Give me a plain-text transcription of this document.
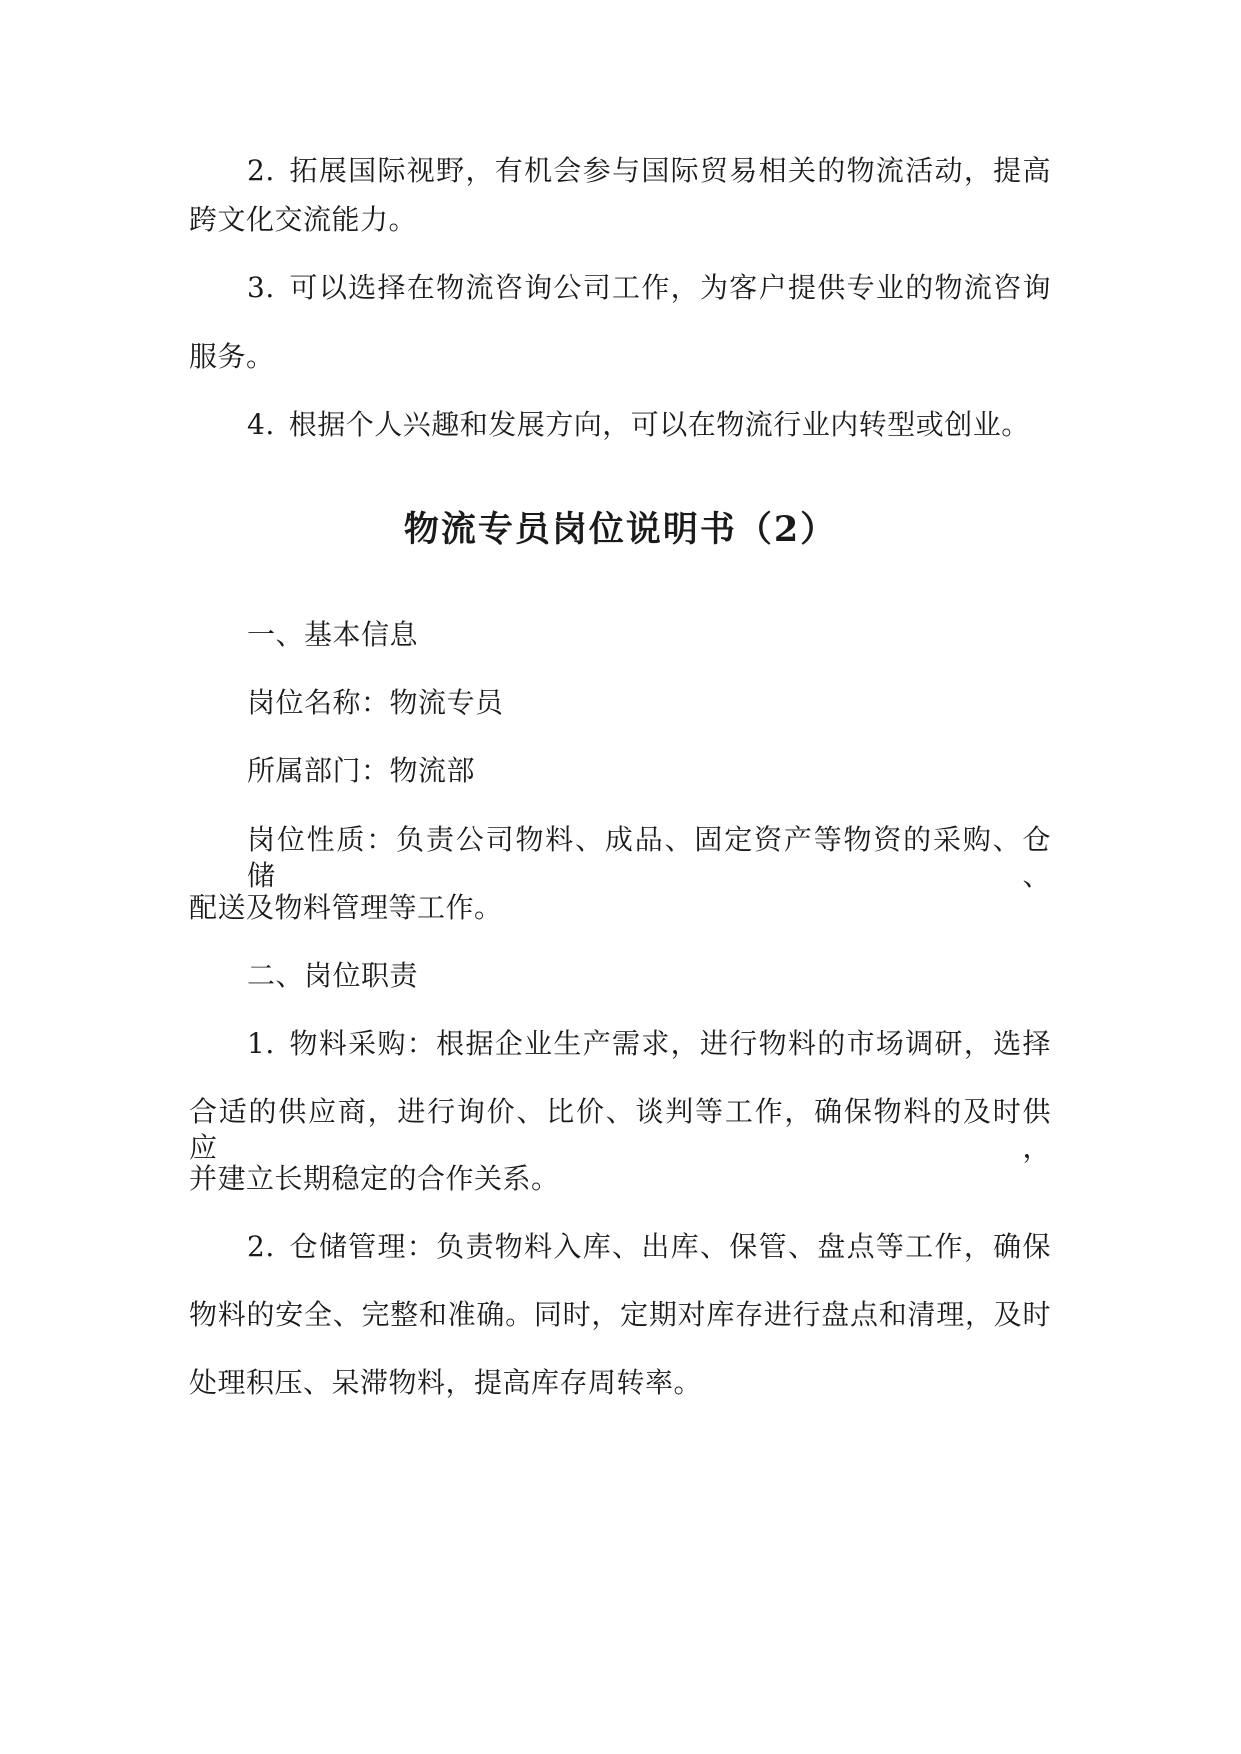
2. 拓展国际视野，有机会参与国际贸易相关的物流活动，提高
跨文化交流能力。
3. 可以选择在物流咨询公司工作，为客户提供专业的物流咨询
服务。
4. 根据个人兴趣和发展方向，可以在物流行业内转型或创业。
物流专员岗位说明书（2）
一、基本信息
岗位名称：物流专员
所属部门：物流部
岗位性质：负责公司物料、成品、固定资产等物资的采购、仓储、
配送及物料管理等工作。
二、岗位职责
1. 物料采购：根据企业生产需求，进行物料的市场调研，选择
合适的供应商，进行询价、比价、谈判等工作，确保物料的及时供应，
并建立长期稳定的合作关系。
2. 仓储管理：负责物料入库、出库、保管、盘点等工作，确保
物料的安全、完整和准确。同时，定期对库存进行盘点和清理，及时
处理积压、呆滞物料，提高库存周转率。
